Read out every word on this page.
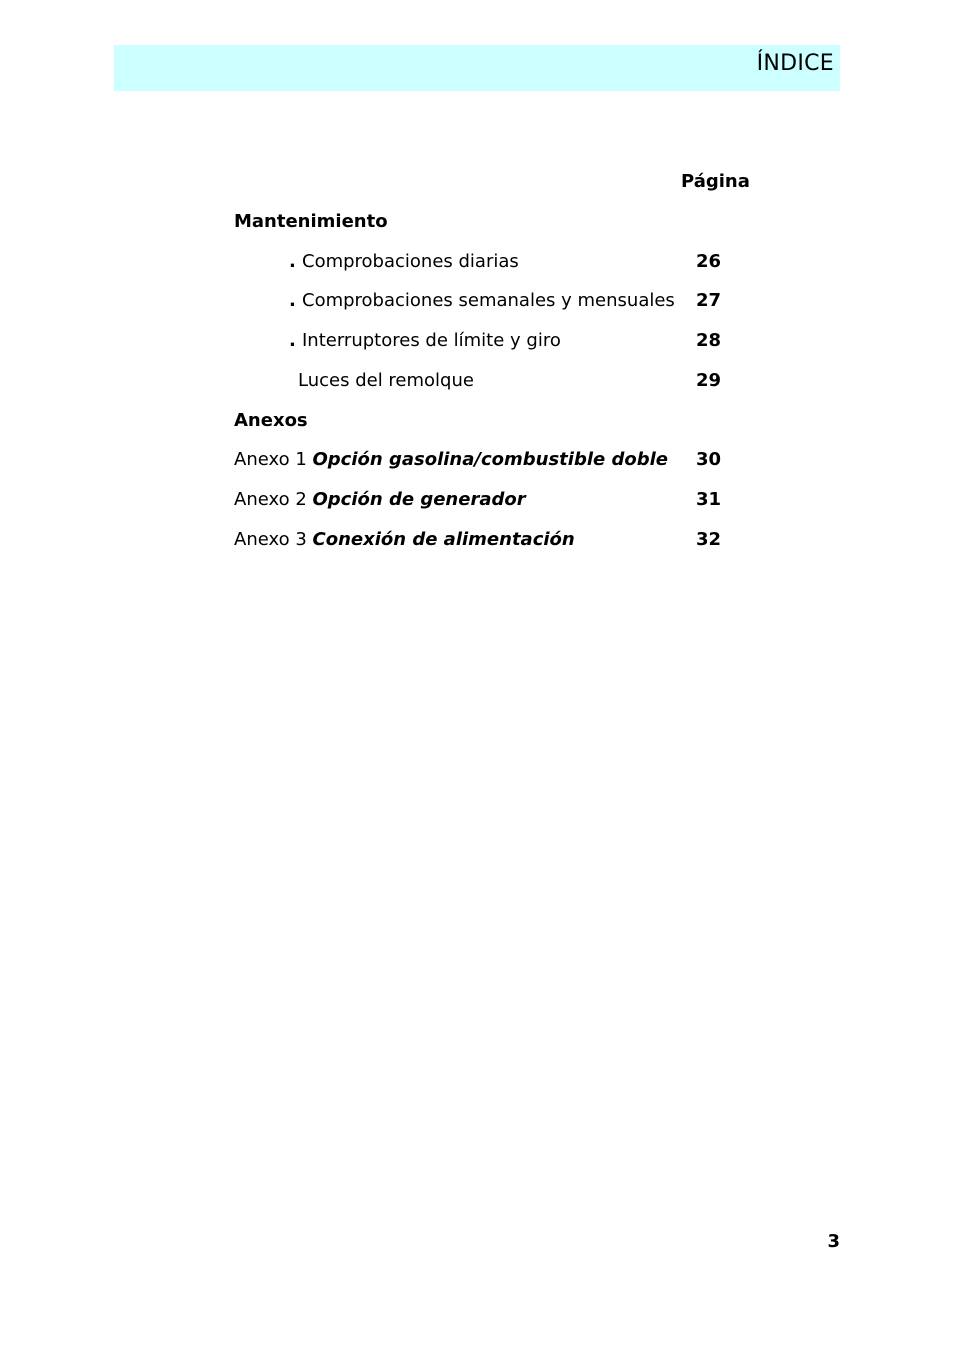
ÍNDICE
Página
Mantenimiento
. Comprobaciones diarias	26
. Comprobaciones semanales y mensuales 27
. Interruptores de límite y giro	28
Luces del remolque	29
Anexos
Anexo 1 Opción gasolina/combustible doble 30
Anexo 2 Opción de generador	31
Anexo 3 Conexión de alimentación	32
3
